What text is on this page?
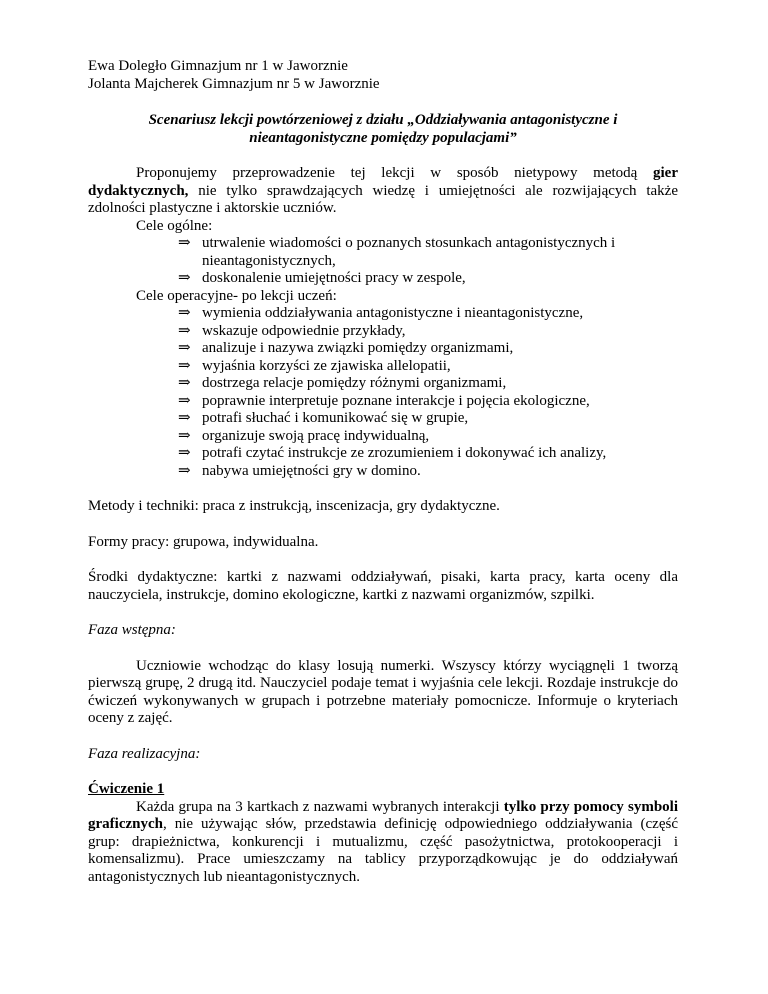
Ewa Doległo Gimnazjum nr 1 w Jaworznie

Jolanta Majcherek Gimnazjum nr 5 w Jaworznie

Scenariusz lekcji powtórzeniowej z działu „Oddziaływania antagonistyczne i nieantagonistyczne pomiędzy populacjami”

Proponujemy przeprowadzenie tej lekcji w sposób nietypowy metodą gier dydaktycznych, nie tylko sprawdzających wiedzę i umiejętności ale rozwijających także zdolności plastyczne i aktorskie uczniów.

Cele ogólne:

⇒ utrwalenie wiadomości o poznanych stosunkach antagonistycznych i nieantagonistycznych,
⇒ doskonalenie umiejętności pracy w zespole,

Cele operacyjne- po lekcji uczeń:

⇒ wymienia oddziaływania antagonistyczne i nieantagonistyczne,
⇒ wskazuje odpowiednie przykłady,
⇒ analizuje i nazywa związki pomiędzy organizmami,
⇒ wyjaśnia korzyści ze zjawiska allelopatii,
⇒ dostrzega relacje pomiędzy różnymi organizmami,
⇒ poprawnie interpretuje poznane interakcje i pojęcia ekologiczne,
⇒ potrafi słuchać i komunikować się w grupie,
⇒ organizuje swoją pracę indywidualną,
⇒ potrafi czytać instrukcje ze zrozumieniem i dokonywać ich analizy,
⇒ nabywa umiejętności gry w domino.

Metody i techniki: praca z instrukcją, inscenizacja, gry dydaktyczne.

Formy pracy: grupowa, indywidualna.

Środki dydaktyczne: kartki z nazwami oddziaływań, pisaki, karta pracy, karta oceny dla nauczyciela, instrukcje, domino ekologiczne, kartki z nazwami organizmów, szpilki.

Faza wstępna:

Uczniowie wchodząc do klasy losują numerki. Wszyscy którzy wyciągnęli 1 tworzą pierwszą grupę, 2 drugą itd. Nauczyciel podaje temat i wyjaśnia cele lekcji. Rozdaje instrukcje do ćwiczeń wykonywanych w grupach i potrzebne materiały pomocnicze. Informuje o kryteriach oceny z zajęć.

Faza realizacyjna:

Ćwiczenie 1

Każda grupa na 3 kartkach z nazwami wybranych interakcji tylko przy pomocy symboli graficznych, nie używając słów, przedstawia definicję odpowiedniego oddziaływania (część grup: drapieżnictwa, konkurencji i mutualizmu, część pasożytnictwa, protokooperacji i komensalizmu). Prace umieszczamy na tablicy przyporządkowując je do oddziaływań antagonistycznych lub nieantagonistycznych.
